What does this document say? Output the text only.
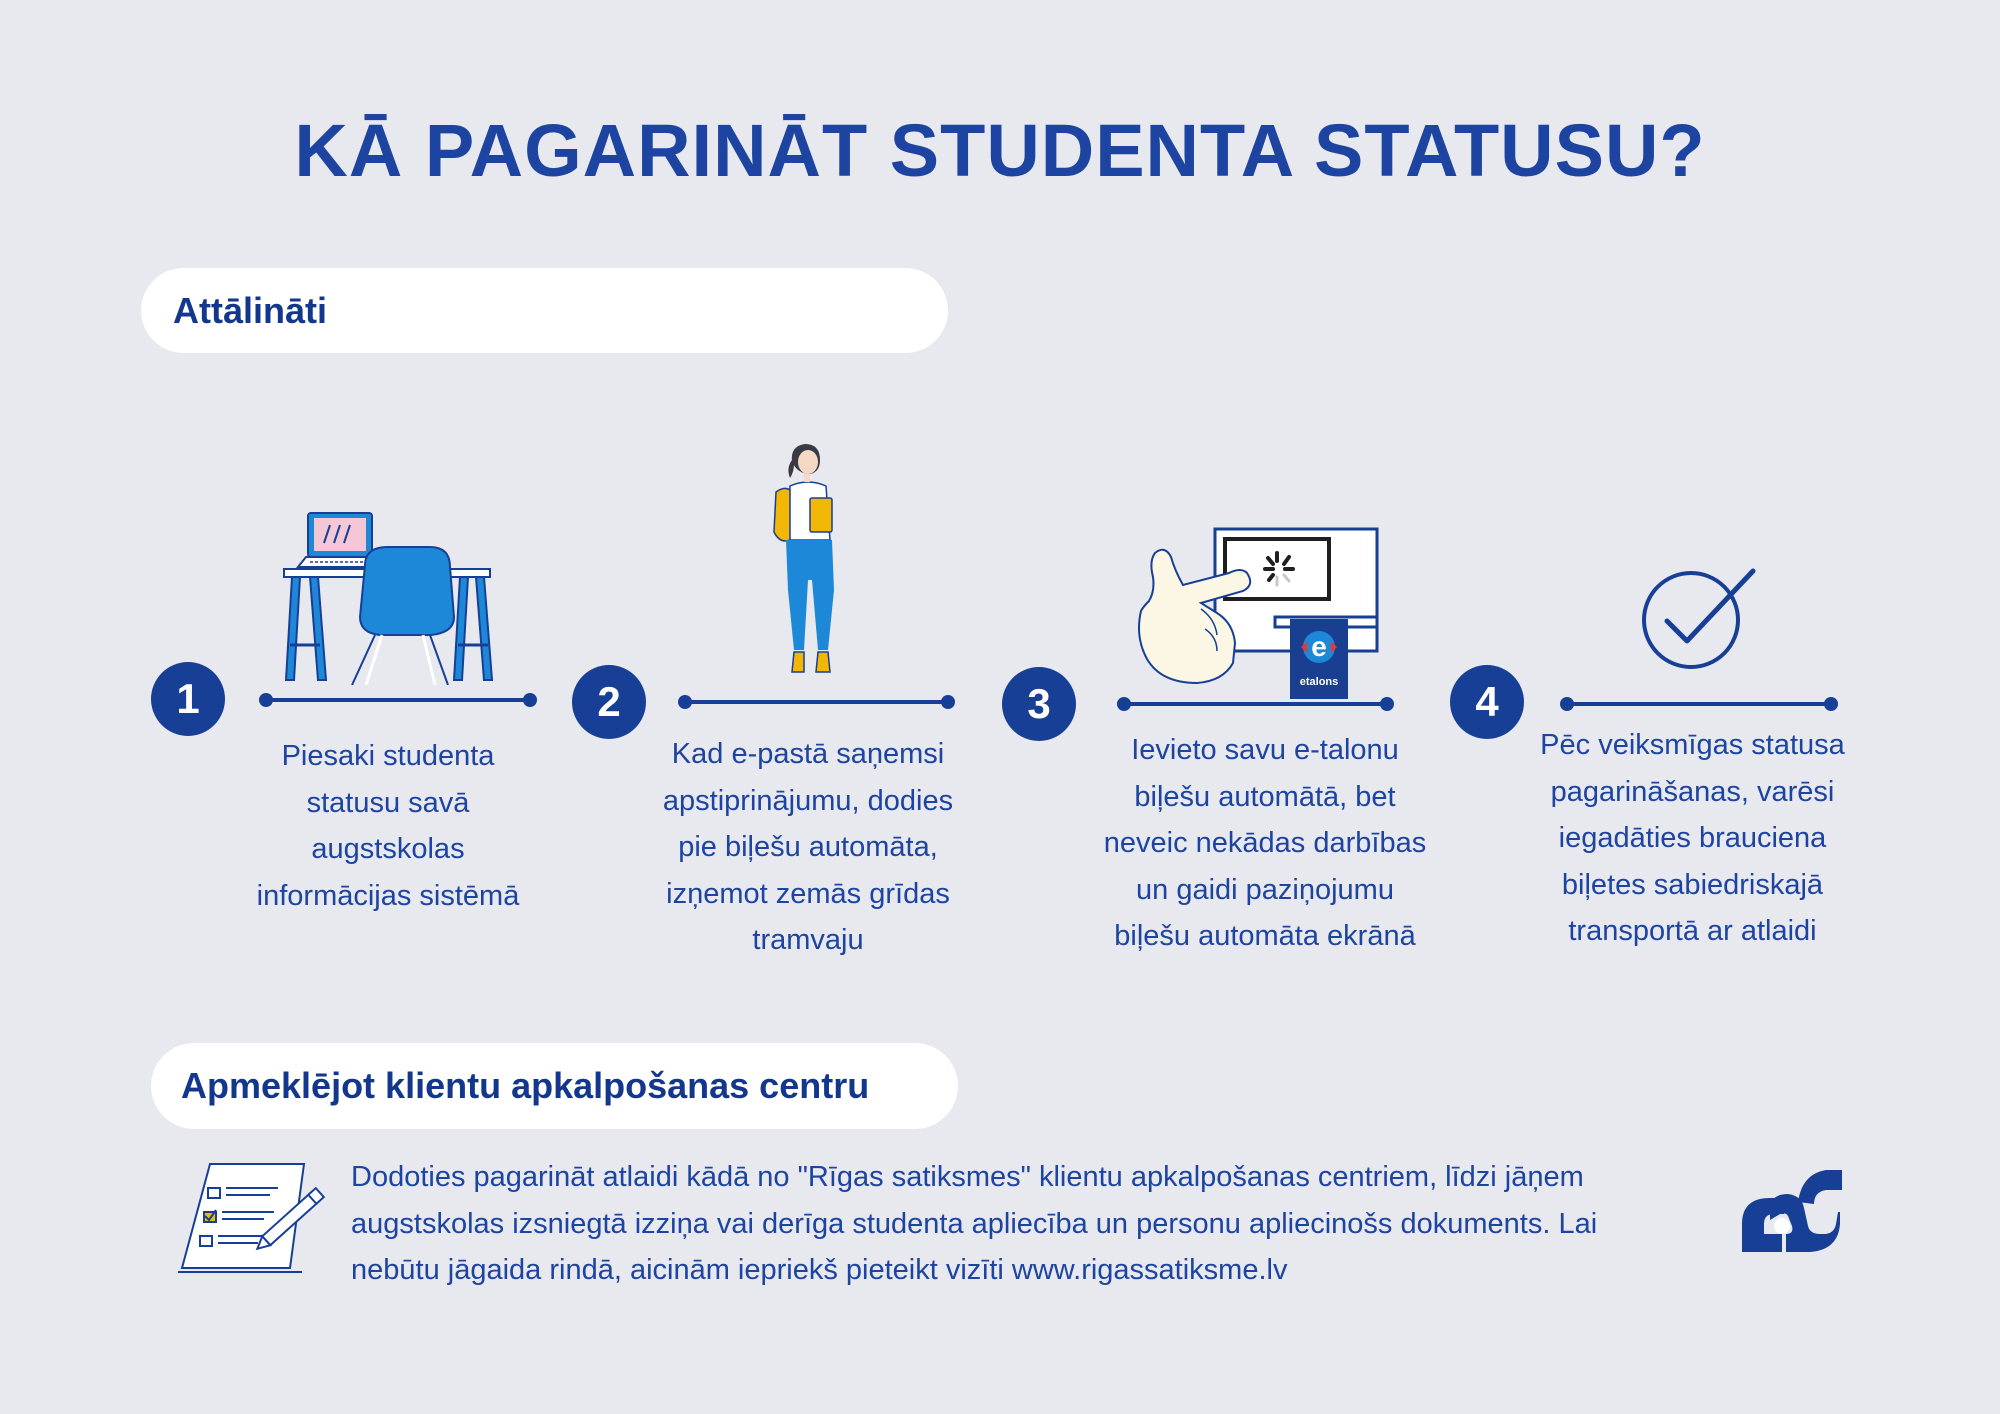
KĀ PAGARINĀT STUDENTA STATUSU?
Attālināti
e
etalons
1	2	3	4
Piesaki studenta
statusu savā
augstskolas
informācijas sistēmā
Kad e-pastā saņemsi
apstiprinājumu, dodies
pie biļešu automāta,
izņemot zemās grīdas
tramvaju
Ievieto savu e-talonu
biļešu automātā, bet
neveic nekādas darbības
un gaidi paziņojumu
biļešu automāta ekrānā
Pēc veiksmīgas statusa
pagarināšanas, varēsi
iegadāties brauciena
biļetes sabiedriskajā
transportā ar atlaidi
Apmeklējot klientu apkalpošanas centru
Dodoties pagarināt atlaidi kādā no "Rīgas satiksmes" klientu apkalpošanas centriem, līdzi jāņem
augstskolas izsniegtā izziņa vai derīga studenta apliecība un personu apliecinošs dokuments. Lai
nebūtu jāgaida rindā, aicinām iepriekš pieteikt vizīti www.rigassatiksme.lv
